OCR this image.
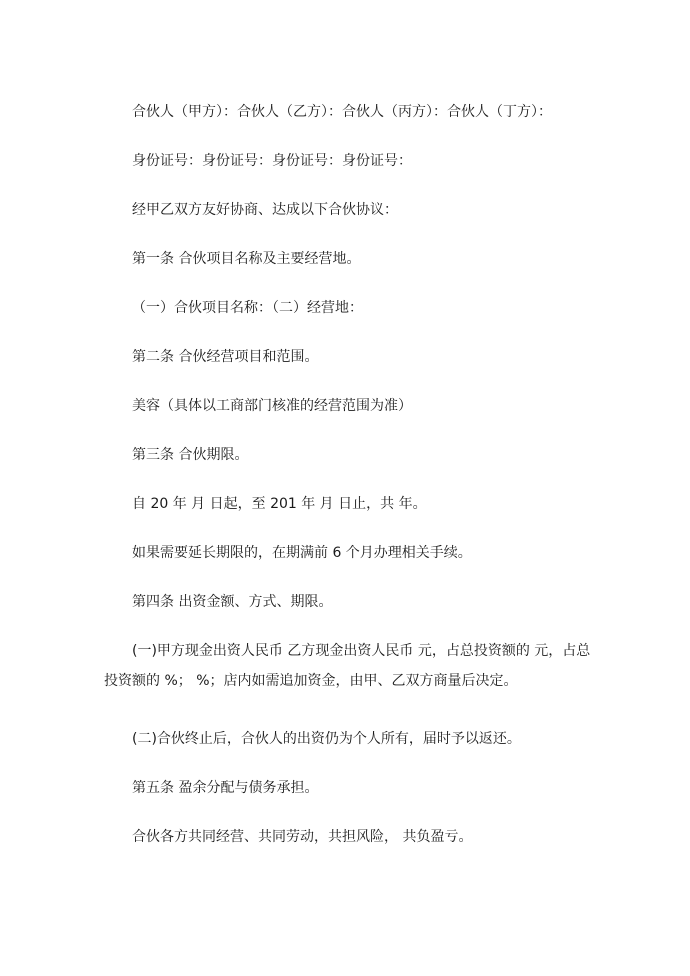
合伙人（甲方）：合伙人（乙方）：合伙人（丙方）：合伙人（丁方）：
身份证号：身份证号：身份证号：身份证号：
经甲乙双方友好协商、达成以下合伙协议：
第一条 合伙项目名称及主要经营地。
（一）合伙项目名称：（二）经营地：
第二条 合伙经营项目和范围。
美容（具体以工商部门核准的经营范围为准）
第三条 合伙期限。
自 20 年 月 日起，至 201 年 月 日止，共 年。
如果需要延长期限的，在期满前 6 个月办理相关手续。
第四条 出资金额、方式、期限。
(一)甲方现金出资人民币 乙方现金出资人民币 元，占总投资额的 元，占总投资额的 %； %；店内如需追加资金，由甲、乙双方商量后决定。
(二)合伙终止后，合伙人的出资仍为个人所有，届时予以返还。
第五条 盈余分配与债务承担。
合伙各方共同经营、共同劳动，共担风险， 共负盈亏。
